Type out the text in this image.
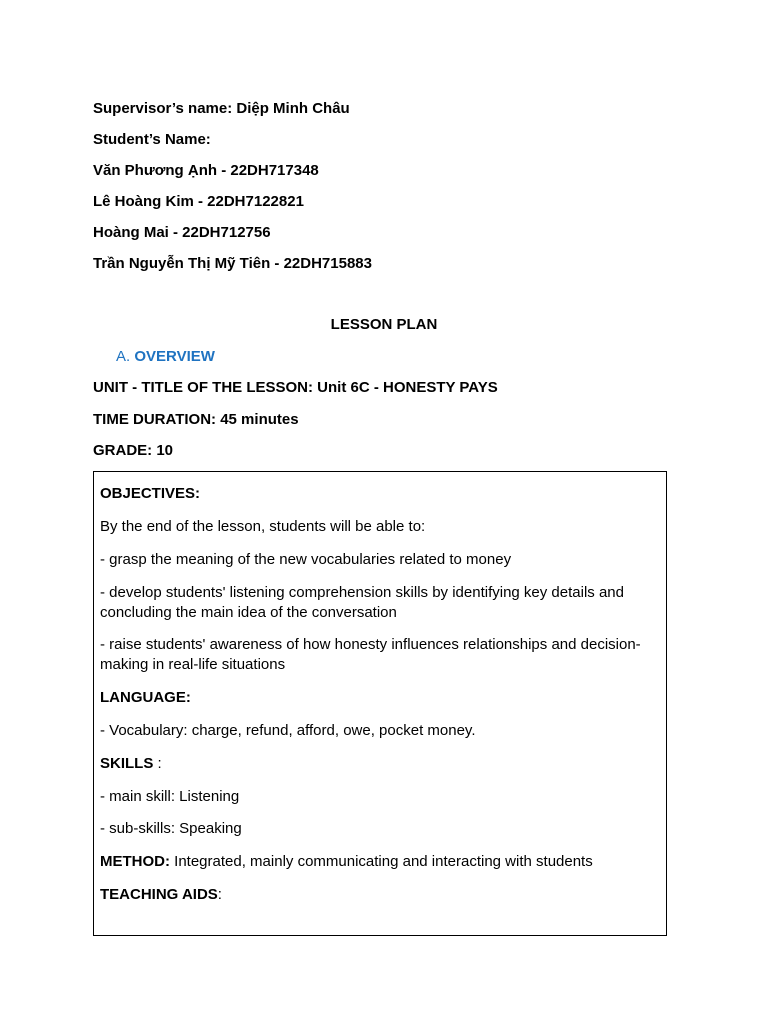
Supervisor’s name: Diệp Minh Châu
Student’s Name:
Văn Phương Ạnh - 22DH717348
Lê Hoàng Kim - 22DH7122821
Hoàng Mai - 22DH712756
Trần Nguyễn Thị Mỹ Tiên - 22DH715883
LESSON PLAN
A. OVERVIEW
UNIT - TITLE OF THE LESSON: Unit 6C - HONESTY PAYS
TIME DURATION: 45 minutes
GRADE: 10
OBJECTIVES:
By the end of the lesson, students will be able to:
- grasp the meaning of the new vocabularies related to money
- develop students' listening comprehension skills by identifying key details and concluding the main idea of the conversation
- raise students' awareness of how honesty influences relationships and decision-making in real-life situations
LANGUAGE:
- Vocabulary: charge, refund, afford, owe, pocket money.
SKILLS :
- main skill: Listening
- sub-skills: Speaking
METHOD: Integrated, mainly communicating and interacting with students
TEACHING AIDS:
